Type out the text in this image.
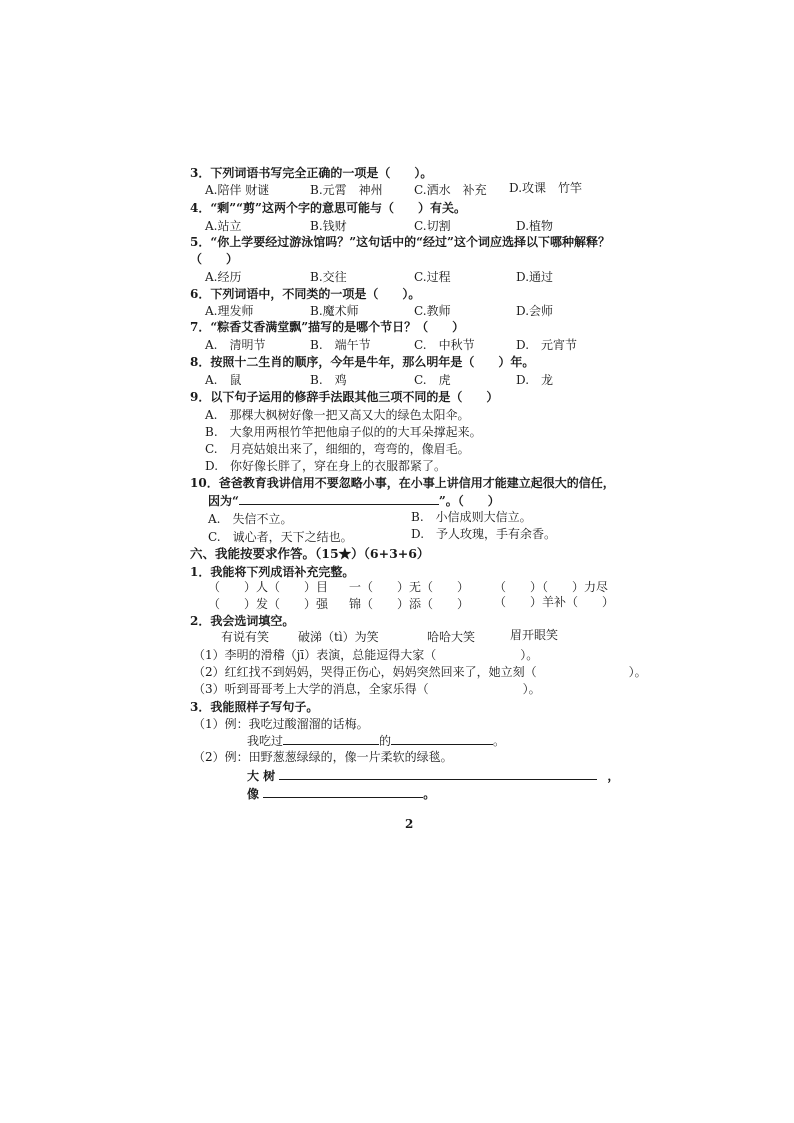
3．下列词语书写完全正确的一项是（　　）。
A.陪伴 财谜	B.元霄　神州	C.洒水　补充 D.攻课　竹竿
4．“剩”“剪”这两个字的意思可能与（　　）有关。
A.站立	B.钱财	C.切割	D.植物
5．“你上学要经过游泳馆吗？”这句话中的“经过”这个词应选择以下哪种解释？
（　　）
A.经历	B.交往	C.过程	D.通过
6．下列词语中，不同类的一项是（　　）。
A.理发师	B.魔术师	C.教师	D.会师
7．“粽香艾香满堂飘”描写的是哪个节日？（　　）
A.　清明节	B.　端午节	C.　中秋节	D.　元宵节
8．按照十二生肖的顺序，今年是牛年，那么明年是（　　）年。
A.　鼠	B.　鸡	C.　虎	D.　龙
9．以下句子运用的修辞手法跟其他三项不同的是（　　）
A.　那棵大枫树好像一把又高又大的绿色太阳伞。
B.　大象用两根竹竿把他扇子似的的大耳朵撑起来。
C.　月亮姑娘出来了，细细的，弯弯的，像眉毛。
D.　你好像长胖了，穿在身上的衣服都紧了。
10．爸爸教育我讲信用不要忽略小事，在小事上讲信用才能建立起很大的信任，
因为“	”。（　　）
A.　失信不立。	B.　小信成则大信立。
C.　诚心者，天下之结也。	D.　予人玫瑰，手有余香。
六、我能按要求作答。（15★）（6+3+6）
1．我能将下列成语补充完整。
（　　）人（　　）目 一（　　）无（　　） （　　）（　　）力尽
（　　）发（　　）强 锦（　　）添（　　） （　　）羊补（　　）
2．我会选词填空。
有说有笑 破涕（tì）为笑	哈哈大笑	眉开眼笑
（1）李明的滑稽（jī）表演，总能逗得大家（	）。
（2）红红找不到妈妈，哭得正伤心，妈妈突然回来了，她立刻（	）。
（3）听到哥哥考上大学的消息，全家乐得（	）。
3．我能照样子写句子。
（1）例：我吃过酸溜溜的话梅。
我吃过	的	。
（2）例：田野葱葱绿绿的，像一片柔软的绿毯。
大 树	，
像	。
2
